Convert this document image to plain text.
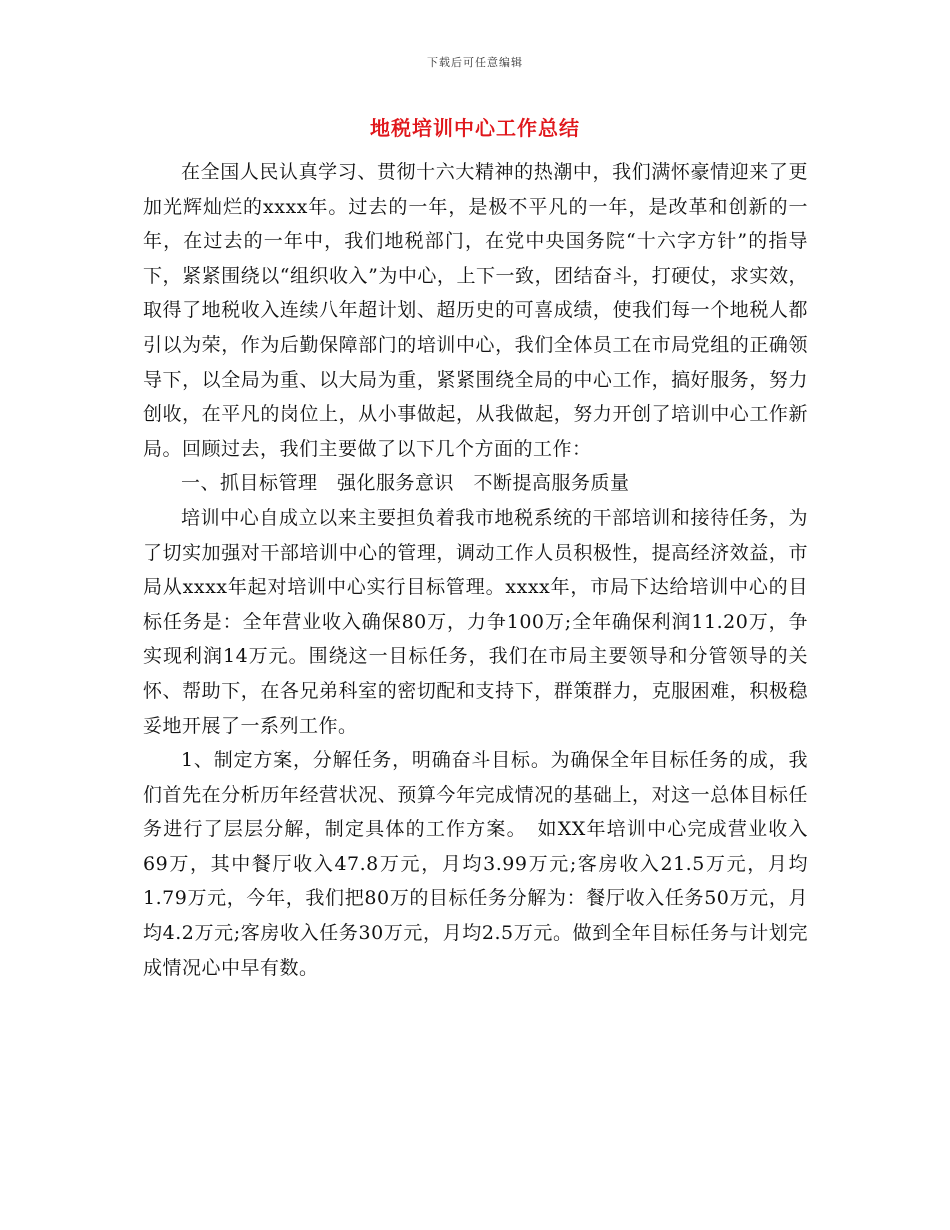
下载后可任意编辑
地税培训中心工作总结

在全国人民认真学习、贯彻十六大精神的热潮中，我们满怀豪情迎来了更加光辉灿烂的xxxx年。过去的一年，是极不平凡的一年，是改革和创新的一年，在过去的一年中，我们地税部门，在党中央国务院“十六字方针”的指导下，紧紧围绕以“组织收入”为中心，上下一致，团结奋斗，打硬仗，求实效，取得了地税收入连续八年超计划、超历史的可喜成绩，使我们每一个地税人都引以为荣，作为后勤保障部门的培训中心，我们全体员工在市局党组的正确领导下，以全局为重、以大局为重，紧紧围绕全局的中心工作，搞好服务，努力创收，在平凡的岗位上，从小事做起，从我做起，努力开创了培训中心工作新局。回顾过去，我们主要做了以下几个方面的工作：

一、抓目标管理　强化服务意识　不断提高服务质量

培训中心自成立以来主要担负着我市地税系统的干部培训和接待任务，为了切实加强对干部培训中心的管理，调动工作人员积极性，提高经济效益，市局从xxxx年起对培训中心实行目标管理。xxxx年，市局下达给培训中心的目标任务是：全年营业收入确保80万，力争100万;全年确保利润11.20万，争实现利润14万元。围绕这一目标任务，我们在市局主要领导和分管领导的关怀、帮助下，在各兄弟科室的密切配和支持下，群策群力，克服困难，积极稳妥地开展了一系列工作。

1、制定方案，分解任务，明确奋斗目标。为确保全年目标任务的成，我们首先在分析历年经营状况、预算今年完成情况的基础上，对这一总体目标任务进行了层层分解，制定具体的工作方案。　如XX年培训中心完成营业收入69万，其中餐厅收入47.8万元，月均3.99万元;客房收入21.5万元，月均1.79万元，今年，我们把80万的目标任务分解为：餐厅收入任务50万元，月均4.2万元;客房收入任务30万元，月均2.5万元。做到全年目标任务与计划完成情况心中早有数。
